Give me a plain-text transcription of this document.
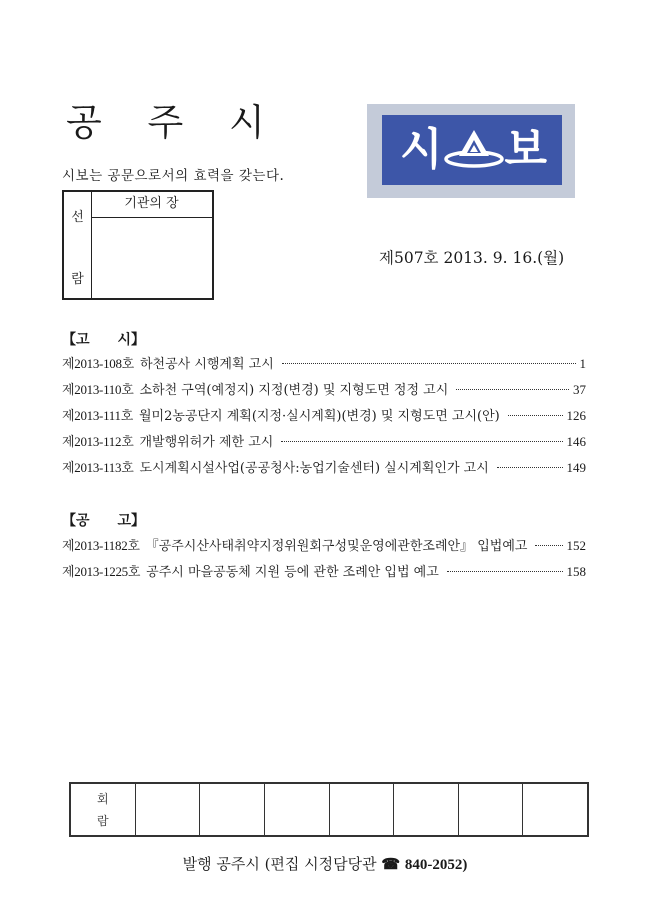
공 주 시
시보는 공문으로서의 효력을 갖는다.
선
람
기관의 장
시 보
제507호 2013. 9. 16.(월)
【고　　시】
제2013-108호 하천공사 시행계획 고시	1
제2013-110호 소하천 구역(예정지) 지정(변경) 및 지형도면 정정 고시	37
제2013-111호 월미2농공단지 계획(지정·실시계획)(변경) 및 지형도면 고시(안)	126
제2013-112호 개발행위허가 제한 고시	146
제2013-113호 도시계획시설사업(공공청사:농업기술센터) 실시계획인가 고시	149
【공　　고】
제2013-1182호 『공주시산사태취약지정위원회구성및운영에관한조례안』 입법예고	152
제2013-1225호 공주시 마을공동체 지원 등에 관한 조례안 입법 예고	158
회
람
발행 공주시 (편집 시정담당관 ☎ 840-2052)
